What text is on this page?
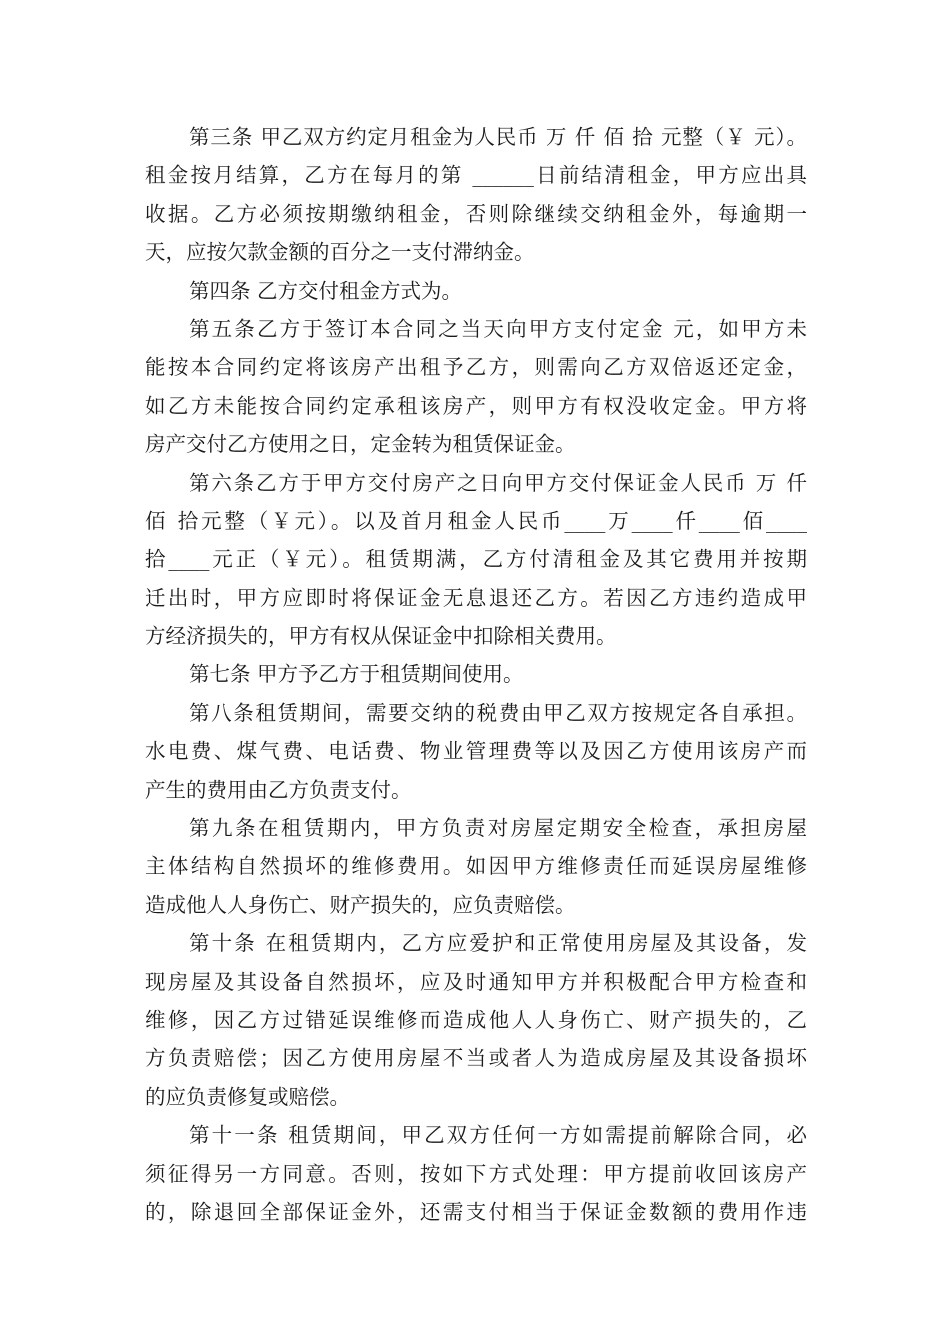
第三条 甲乙双方约定月租金为人民币 万 仟 佰 拾 元整（￥ 元）。
租金按月结算，乙方在每月的第 ______日前结清租金，甲方应出具
收据。乙方必须按期缴纳租金，否则除继续交纳租金外，每逾期一
天，应按欠款金额的百分之一支付滞纳金。
第四条 乙方交付租金方式为。
第五条乙方于签订本合同之当天向甲方支付定金 元，如甲方未
能按本合同约定将该房产出租予乙方，则需向乙方双倍返还定金，
如乙方未能按合同约定承租该房产，则甲方有权没收定金。甲方将
房产交付乙方使用之日，定金转为租赁保证金。
第六条乙方于甲方交付房产之日向甲方交付保证金人民币 万 仟
佰 拾元整（￥元）。以及首月租金人民币____万____仟____佰____
拾____元正（￥元）。租赁期满，乙方付清租金及其它费用并按期
迁出时，甲方应即时将保证金无息退还乙方。若因乙方违约造成甲
方经济损失的，甲方有权从保证金中扣除相关费用。
第七条 甲方予乙方于租赁期间使用。
第八条租赁期间，需要交纳的税费由甲乙双方按规定各自承担。
水电费、煤气费、电话费、物业管理费等以及因乙方使用该房产而
产生的费用由乙方负责支付。
第九条在租赁期内，甲方负责对房屋定期安全检查，承担房屋
主体结构自然损坏的维修费用。如因甲方维修责任而延误房屋维修
造成他人人身伤亡、财产损失的，应负责赔偿。
第十条 在租赁期内，乙方应爱护和正常使用房屋及其设备，发
现房屋及其设备自然损坏，应及时通知甲方并积极配合甲方检查和
维修，因乙方过错延误维修而造成他人人身伤亡、财产损失的，乙
方负责赔偿；因乙方使用房屋不当或者人为造成房屋及其设备损坏
的应负责修复或赔偿。
第十一条 租赁期间，甲乙双方任何一方如需提前解除合同，必
须征得另一方同意。否则，按如下方式处理：甲方提前收回该房产
的，除退回全部保证金外，还需支付相当于保证金数额的费用作违
